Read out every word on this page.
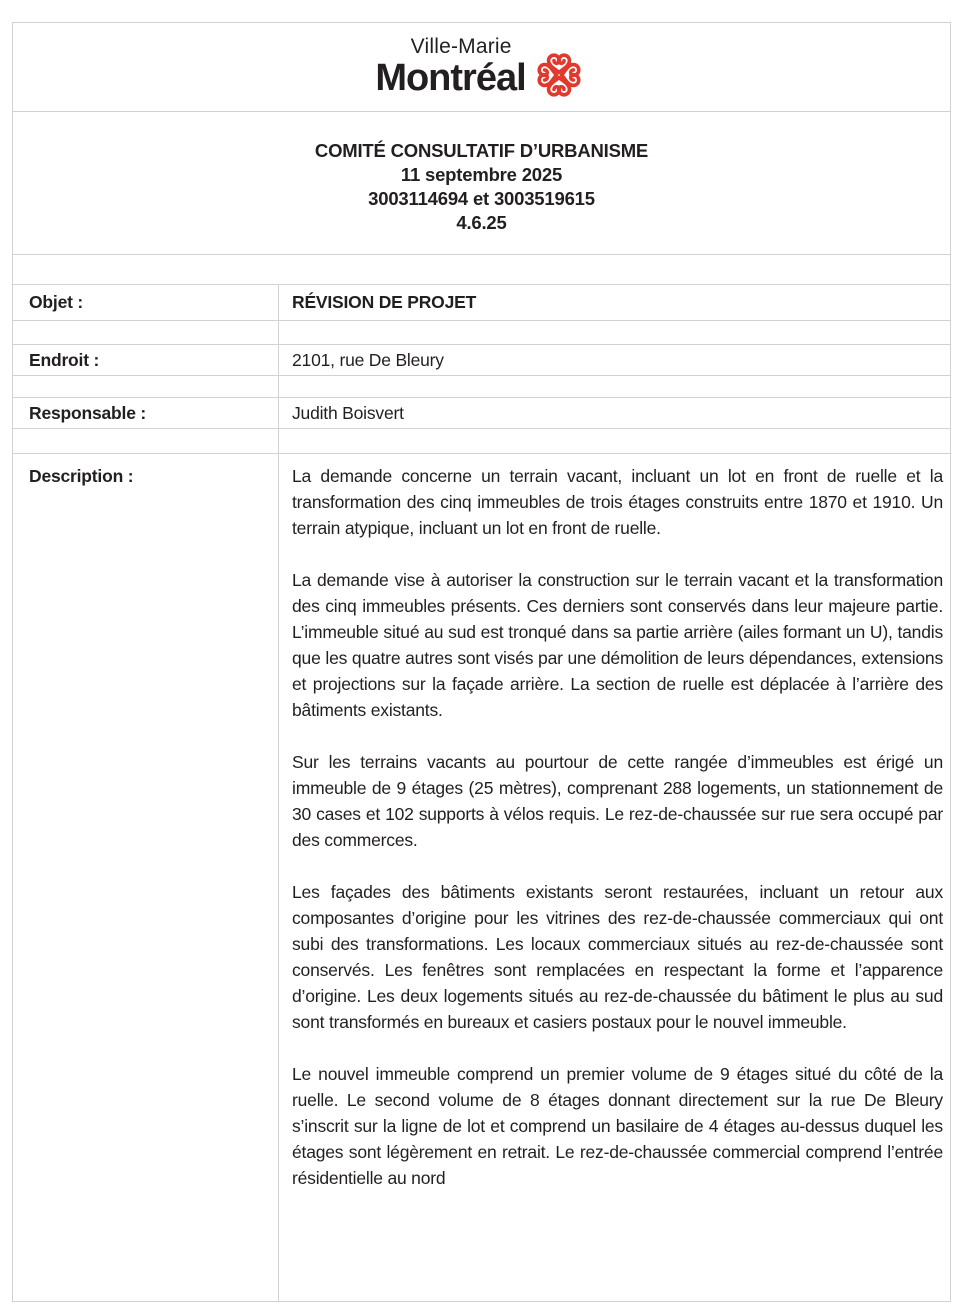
Ville-Marie
Montréal
COMITÉ CONSULTATIF D’URBANISME
11 septembre 2025
3003114694 et 3003519615
4.6.25
Objet :	RÉVISION DE PROJET
Endroit :	2101, rue De Bleury
Responsable :	Judith Boisvert
Description :	La demande concerne un terrain vacant, incluant un lot en front de ruelle et la transformation des cinq immeubles de trois étages construits entre 1870 et 1910. Un terrain atypique, incluant un lot en front de ruelle.

La demande vise à autoriser la construction sur le terrain vacant et la transformation des cinq immeubles présents. Ces derniers sont conservés dans leur majeure partie. L’immeuble situé au sud est tronqué dans sa partie arrière (ailes formant un U), tandis que les quatre autres sont visés par une démolition de leurs dépendances, extensions et projections sur la façade arrière. La section de ruelle est déplacée à l’arrière des bâtiments existants.

Sur les terrains vacants au pourtour de cette rangée d’immeubles est érigé un immeuble de 9 étages (25 mètres), comprenant 288 logements, un stationnement de 30 cases et 102 supports à vélos requis. Le rez-de-chaussée sur rue sera occupé par des commerces.

Les façades des bâtiments existants seront restaurées, incluant un retour aux composantes d’origine pour les vitrines des rez-de-chaussée commerciaux qui ont subi des transformations. Les locaux commerciaux situés au rez-de-chaussée sont conservés. Les fenêtres sont remplacées en respectant la forme et l’apparence d’origine. Les deux logements situés au rez-de-chaussée du bâtiment le plus au sud sont transformés en bureaux et casiers postaux pour le nouvel immeuble.

Le nouvel immeuble comprend un premier volume de 9 étages situé du côté de la ruelle. Le second volume de 8 étages donnant directement sur la rue De Bleury s’inscrit sur la ligne de lot et comprend un basilaire de 4 étages au-dessus duquel les étages sont légèrement en retrait. Le rez-de-chaussée commercial comprend l’entrée résidentielle au nord
